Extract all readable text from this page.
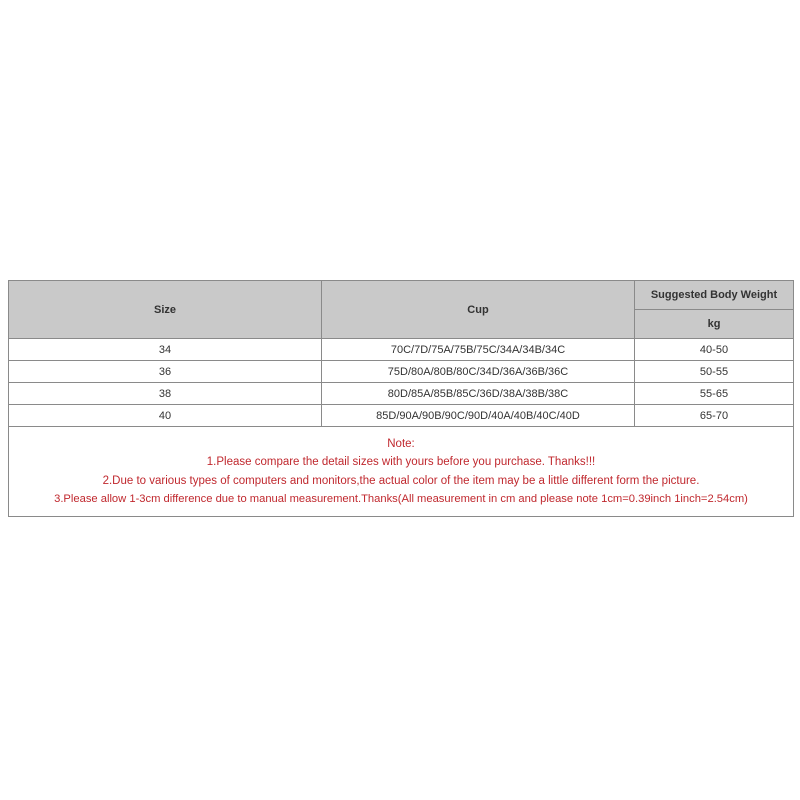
Size	Cup	Suggested Body Weight
		kg
34	70C/7D/75A/75B/75C/34A/34B/34C	40-50
36	75D/80A/80B/80C/34D/36A/36B/36C	50-55
38	80D/85A/85B/85C/36D/38A/38B/38C	55-65
40	85D/90A/90B/90C/90D/40A/40B/40C/40D	65-70

Note:
1.Please compare the detail sizes with yours before you purchase. Thanks!!!
2.Due to various types of computers and monitors,the actual color of the item may be a little different form the picture.
3.Please allow 1-3cm difference due to manual measurement.Thanks(All measurement in cm and please note 1cm=0.39inch 1inch=2.54cm)		
